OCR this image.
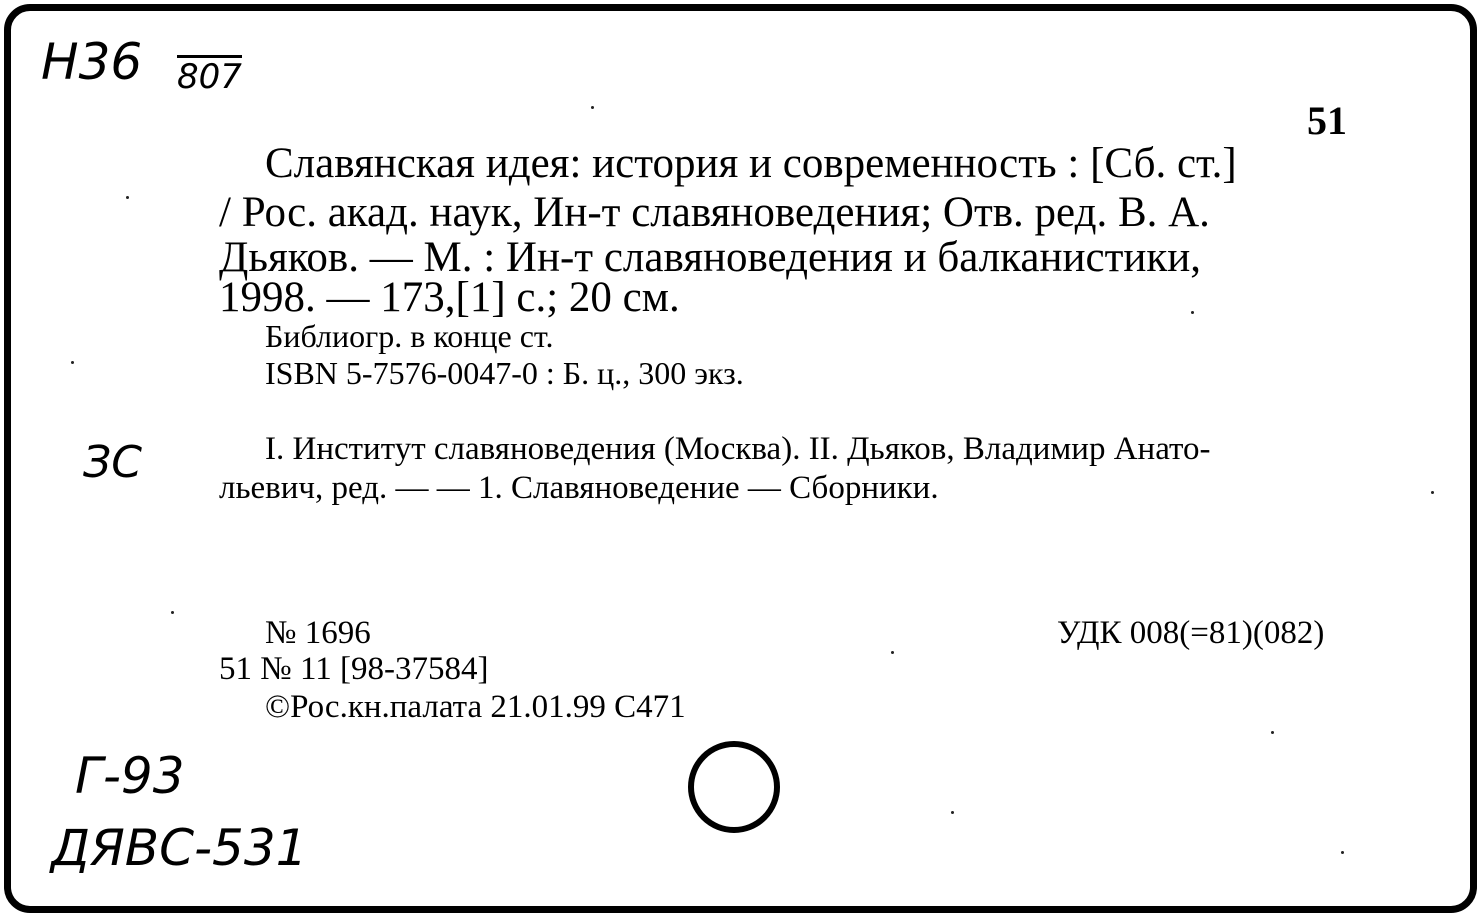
Н36 807
51
Славянская идея: история и современность : [Сб. ст.]
/ Рос. акад. наук, Ин-т славяноведения; Отв. ред. В. А.
Дьяков. — М. : Ин-т славяноведения и балканистики,
1998. — 173,[1] с.; 20 см.
Библиогр. в конце ст.
ISBN 5-7576-0047-0 : Б. ц., 300 экз.
ЗС	I. Институт славяноведения (Москва). II. Дьяков, Владимир Анато-
льевич, ред. — — 1. Славяноведение — Сборники.
№ 1696	УДК 008(=81)(082)
51 № 11 [98-37584]
©Рос.кн.палата 21.01.99 С471
Г-93
ДЯВС-531
